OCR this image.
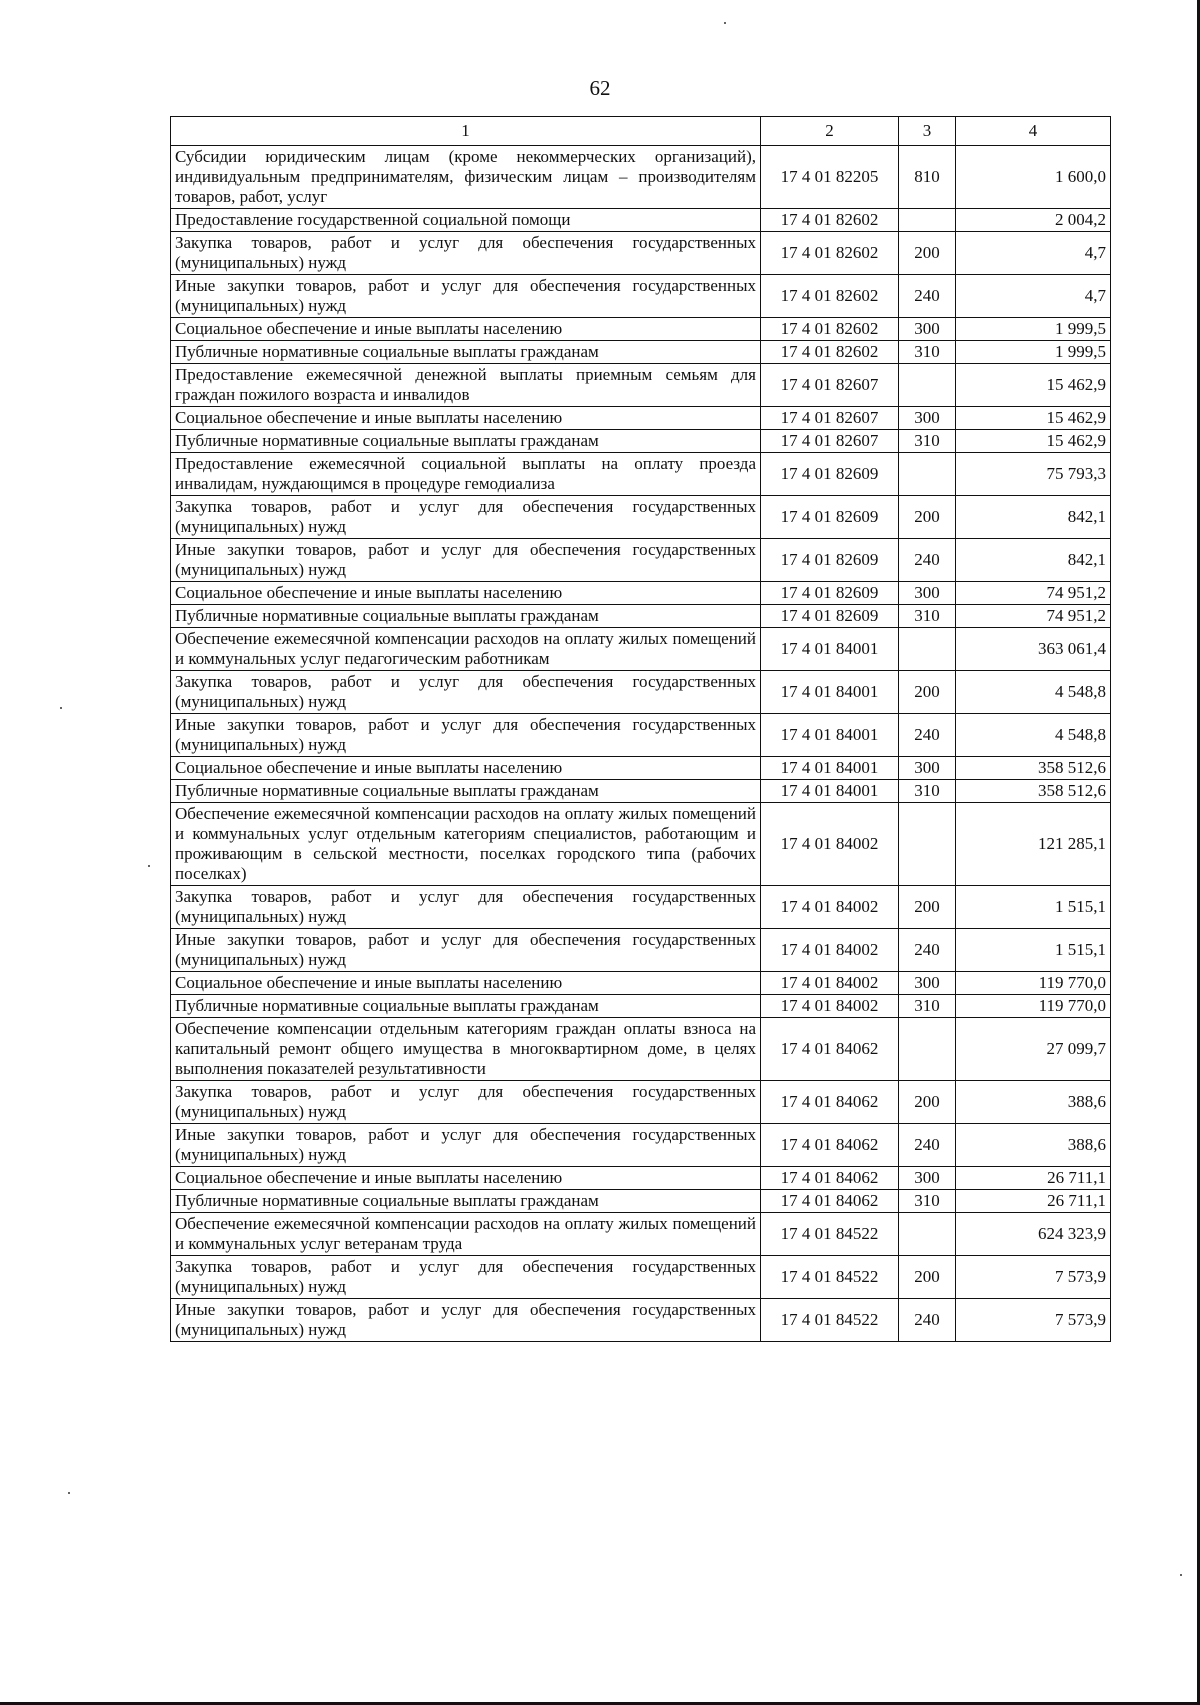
62
1	2	3	4
Субсидии юридическим лицам (кроме некоммерческих организаций), индивидуальным предпринимателям, физическим лицам – производителям товаров, работ, услуг	17 4 01 82205	810	1 600,0
Предоставление государственной социальной помощи	17 4 01 82602		2 004,2
Закупка товаров, работ и услуг для обеспечения государственных (муниципальных) нужд	17 4 01 82602	200	4,7
Иные закупки товаров, работ и услуг для обеспечения государственных (муниципальных) нужд	17 4 01 82602	240	4,7
Социальное обеспечение и иные выплаты населению	17 4 01 82602	300	1 999,5
Публичные нормативные социальные выплаты гражданам	17 4 01 82602	310	1 999,5
Предоставление ежемесячной денежной выплаты приемным семьям для граждан пожилого возраста и инвалидов	17 4 01 82607		15 462,9
Социальное обеспечение и иные выплаты населению	17 4 01 82607	300	15 462,9
Публичные нормативные социальные выплаты гражданам	17 4 01 82607	310	15 462,9
Предоставление ежемесячной социальной выплаты на оплату проезда инвалидам, нуждающимся в процедуре гемодиализа	17 4 01 82609		75 793,3
Закупка товаров, работ и услуг для обеспечения государственных (муниципальных) нужд	17 4 01 82609	200	842,1
Иные закупки товаров, работ и услуг для обеспечения государственных (муниципальных) нужд	17 4 01 82609	240	842,1
Социальное обеспечение и иные выплаты населению	17 4 01 82609	300	74 951,2
Публичные нормативные социальные выплаты гражданам	17 4 01 82609	310	74 951,2
Обеспечение ежемесячной компенсации расходов на оплату жилых помещений и коммунальных услуг педагогическим работникам	17 4 01 84001		363 061,4
Закупка товаров, работ и услуг для обеспечения государственных (муниципальных) нужд	17 4 01 84001	200	4 548,8
Иные закупки товаров, работ и услуг для обеспечения государственных (муниципальных) нужд	17 4 01 84001	240	4 548,8
Социальное обеспечение и иные выплаты населению	17 4 01 84001	300	358 512,6
Публичные нормативные социальные выплаты гражданам	17 4 01 84001	310	358 512,6
Обеспечение ежемесячной компенсации расходов на оплату жилых помещений и коммунальных услуг отдельным категориям специалистов, работающим и проживающим в сельской местности, поселках городского типа (рабочих поселках)	17 4 01 84002		121 285,1
Закупка товаров, работ и услуг для обеспечения государственных (муниципальных) нужд	17 4 01 84002	200	1 515,1
Иные закупки товаров, работ и услуг для обеспечения государственных (муниципальных) нужд	17 4 01 84002	240	1 515,1
Социальное обеспечение и иные выплаты населению	17 4 01 84002	300	119 770,0
Публичные нормативные социальные выплаты гражданам	17 4 01 84002	310	119 770,0
Обеспечение компенсации отдельным категориям граждан оплаты взноса на капитальный ремонт общего имущества в многоквартирном доме, в целях выполнения показателей результативности	17 4 01 84062		27 099,7
Закупка товаров, работ и услуг для обеспечения государственных (муниципальных) нужд	17 4 01 84062	200	388,6
Иные закупки товаров, работ и услуг для обеспечения государственных (муниципальных) нужд	17 4 01 84062	240	388,6
Социальное обеспечение и иные выплаты населению	17 4 01 84062	300	26 711,1
Публичные нормативные социальные выплаты гражданам	17 4 01 84062	310	26 711,1
Обеспечение ежемесячной компенсации расходов на оплату жилых помещений и коммунальных услуг ветеранам труда	17 4 01 84522		624 323,9
Закупка товаров, работ и услуг для обеспечения государственных (муниципальных) нужд	17 4 01 84522	200	7 573,9
Иные закупки товаров, работ и услуг для обеспечения государственных (муниципальных) нужд	17 4 01 84522	240	7 573,9
